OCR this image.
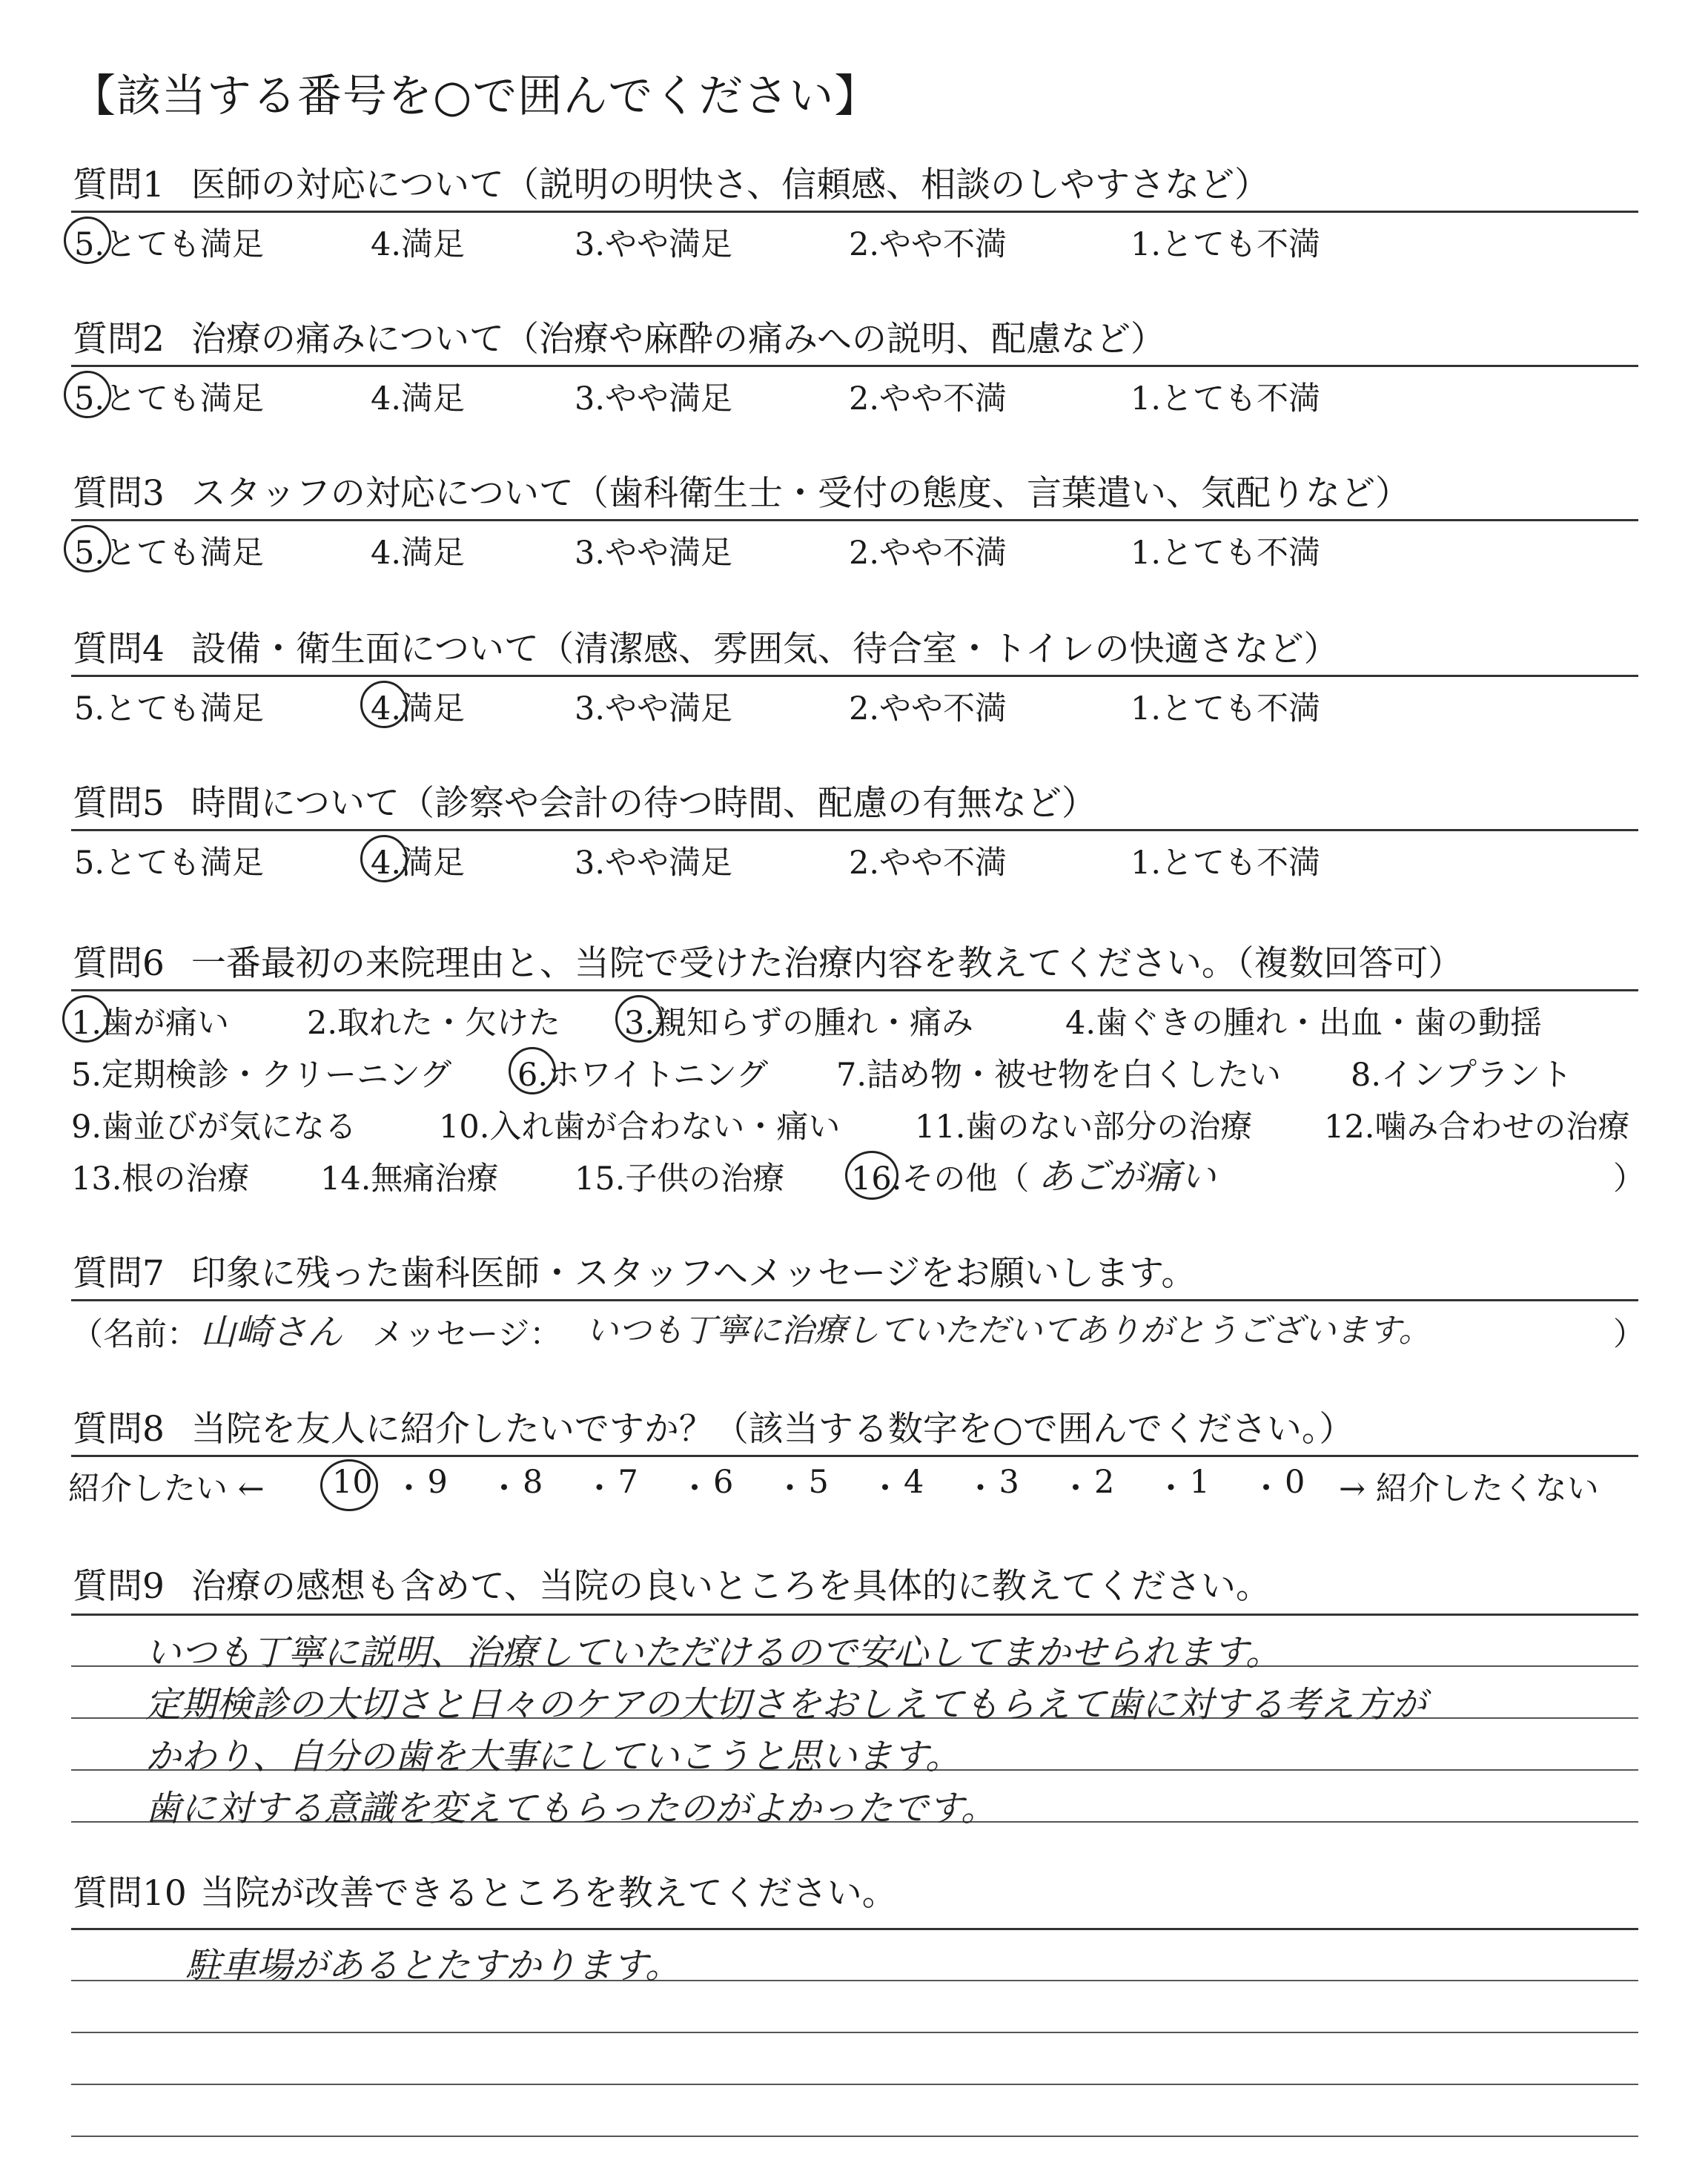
【該当する番号を○で囲んでください】
質問1 医師の対応について（説明の明快さ、信頼感、相談のしやすさなど）
5.とても満足	4.満足	3.やや満足	2.やや不満	1.とても不満
質問2 治療の痛みについて（治療や麻酔の痛みへの説明、配慮など）
5.とても満足	4.満足	3.やや満足	2.やや不満	1.とても不満
質問3 スタッフの対応について（歯科衛生士・受付の態度、言葉遣い、気配りなど）
5.とても満足	4.満足	3.やや満足	2.やや不満	1.とても不満
質問4 設備・衛生面について（清潔感、雰囲気、待合室・トイレの快適さなど）
5.とても満足	4.満足	3.やや満足	2.やや不満	1.とても不満
質問5 時間について（診察や会計の待つ時間、配慮の有無など）
5.とても満足	4.満足	3.やや満足	2.やや不満	1.とても不満
質問6 一番最初の来院理由と、当院で受けた治療内容を教えてください。（複数回答可）
1.歯が痛い 2.取れた・欠けた 3.親知らずの腫れ・痛み	4.歯ぐきの腫れ・出血・歯の動揺
5.定期検診・クリーニング 6.ホワイトニング 7.詰め物・被せ物を白くしたい 8.インプラント
9.歯並びが気になる	10.入れ歯が合わない・痛い 11.歯のない部分の治療 12.噛み合わせの治療
13.根の治療 14.無痛治療 15.子供の治療 16.その他（ あごが痛い	）
質問7 印象に残った歯科医師・スタッフへメッセージをお願いします。
（名前： 山崎さん メッセージ： いつも丁寧に治療していただいてありがとうございます。	）
質問8 当院を友人に紹介したいですか？（該当する数字を○で囲んでください。）
紹介したい ← 10 ・ 9 ・ 8 ・ 7 ・ 6 ・ 5 ・ 4 ・ 3 ・ 2 ・ 1 ・ 0 → 紹介したくない
質問9 治療の感想も含めて、当院の良いところを具体的に教えてください。
いつも丁寧に説明、治療していただけるので安心してまかせられます。
定期検診の大切さと日々のケアの大切さをおしえてもらえて歯に対する考え方が
かわり、自分の歯を大事にしていこうと思います。
歯に対する意識を変えてもらったのがよかったです。
質問10 当院が改善できるところを教えてください。
駐車場があるとたすかります。
